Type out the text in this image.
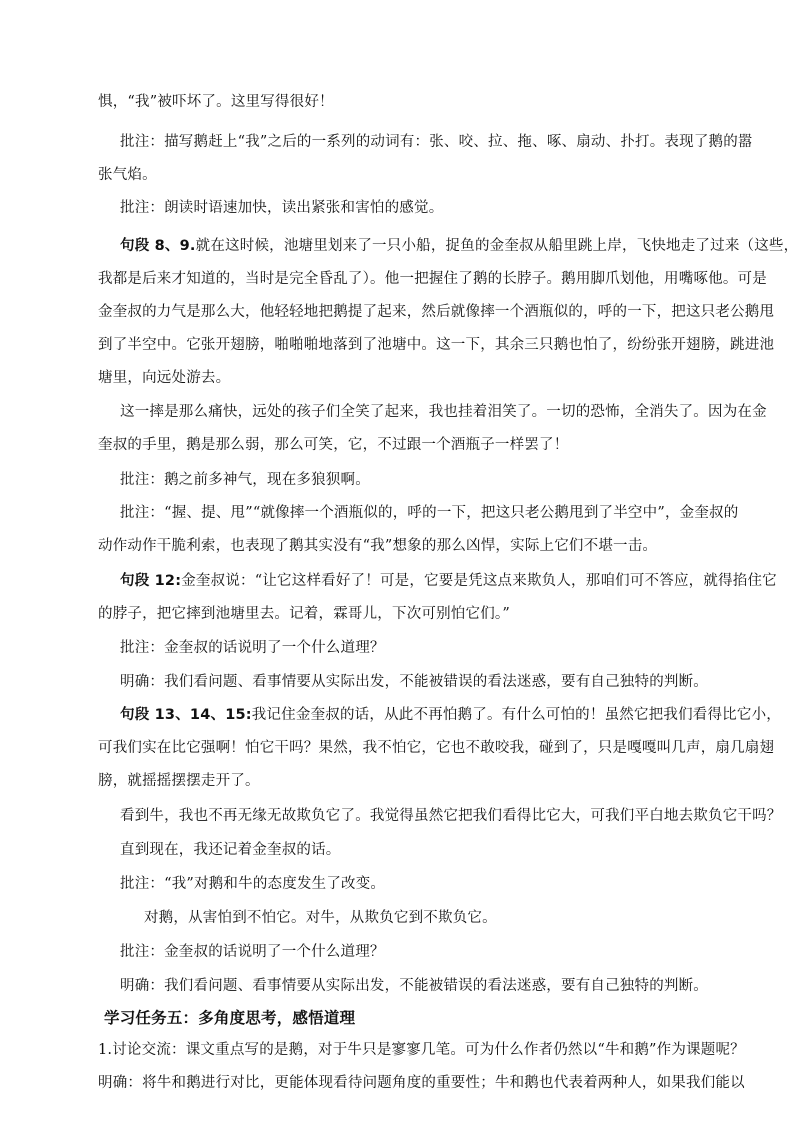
惧，“我”被吓坏了。这里写得很好！
批注：描写鹅赶上“我”之后的一系列的动词有：张、咬、拉、拖、啄、扇动、扑打。表现了鹅的嚣
张气焰。
批注：朗读时语速加快，读出紧张和害怕的感觉。
句段 8、9.就在这时候，池塘里划来了一只小船，捉鱼的金奎叔从船里跳上岸，飞快地走了过来（这些，
我都是后来才知道的，当时是完全昏乱了）。他一把握住了鹅的长脖子。鹅用脚爪划他，用嘴啄他。可是
金奎叔的力气是那么大，他轻轻地把鹅提了起来，然后就像摔一个酒瓶似的，呼的一下，把这只老公鹅甩
到了半空中。它张开翅膀，啪啪啪地落到了池塘中。这一下，其余三只鹅也怕了，纷纷张开翅膀，跳进池
塘里，向远处游去。
这一摔是那么痛快，远处的孩子们全笑了起来，我也挂着泪笑了。一切的恐怖，全消失了。因为在金
奎叔的手里，鹅是那么弱，那么可笑，它，不过跟一个酒瓶子一样罢了！
批注：鹅之前多神气，现在多狼狈啊。
批注：“握、提、甩”“就像摔一个酒瓶似的，呼的一下，把这只老公鹅甩到了半空中”，金奎叔的
动作动作干脆利索，也表现了鹅其实没有“我”想象的那么凶悍，实际上它们不堪一击。
句段 12:金奎叔说：“让它这样看好了！可是，它要是凭这点来欺负人，那咱们可不答应，就得掐住它
的脖子，把它摔到池塘里去。记着，霖哥儿，下次可别怕它们。”
批注：金奎叔的话说明了一个什么道理？
明确：我们看问题、看事情要从实际出发，不能被错误的看法迷惑，要有自己独特的判断。
句段 13、14、15:我记住金奎叔的话，从此不再怕鹅了。有什么可怕的！虽然它把我们看得比它小，
可我们实在比它强啊！怕它干吗？果然，我不怕它，它也不敢咬我，碰到了，只是嘎嘎叫几声，扇几扇翅
膀，就摇摇摆摆走开了。
看到牛，我也不再无缘无故欺负它了。我觉得虽然它把我们看得比它大，可我们平白地去欺负它干吗？
直到现在，我还记着金奎叔的话。
批注：“我”对鹅和牛的态度发生了改变。
对鹅，从害怕到不怕它。对牛，从欺负它到不欺负它。
批注：金奎叔的话说明了一个什么道理？
明确：我们看问题、看事情要从实际出发，不能被错误的看法迷惑，要有自己独特的判断。
学习任务五：多角度思考，感悟道理
1.讨论交流：课文重点写的是鹅，对于牛只是寥寥几笔。可为什么作者仍然以“牛和鹅”作为课题呢？
明确：将牛和鹅进行对比，更能体现看待问题角度的重要性；牛和鹅也代表着两种人，如果我们能以
